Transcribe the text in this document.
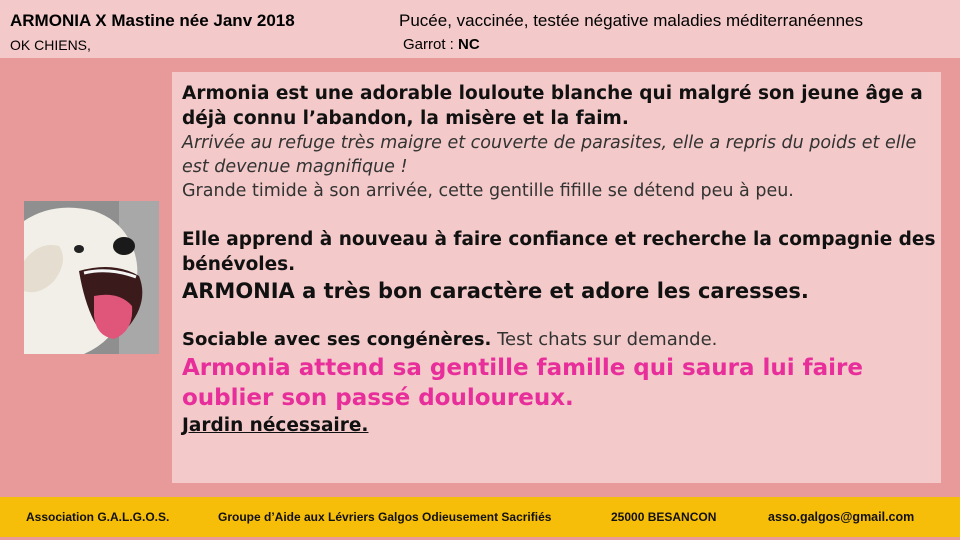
ARMONIA X Mastine née Janv 2018
OK CHIENS,
Pucée, vaccinée, testée négative maladies méditerranéennes
Garrot : NC

Armonia est une adorable louloute blanche qui malgré son jeune âge a déjà connu l’abandon, la misère et la faim.

Arrivée au refuge très maigre et couverte de parasites, elle a repris du poids et elle est devenue magnifique !

Grande timide à son arrivée, cette gentille fifille se détend peu à peu.

Elle apprend à nouveau à faire confiance et recherche la compagnie des bénévoles.

ARMONIA a très bon caractère et adore les caresses.

Sociable avec ses congénères. Test chats sur demande.

Armonia attend sa gentille famille qui saura lui faire oublier son passé douloureux.

Jardin nécessaire.

Association G.A.L.G.O.S.	Groupe d’Aide aux Lévriers Galgos Odieusement Sacrifiés	25000 BESANCON	asso.galgos@gmail.com
